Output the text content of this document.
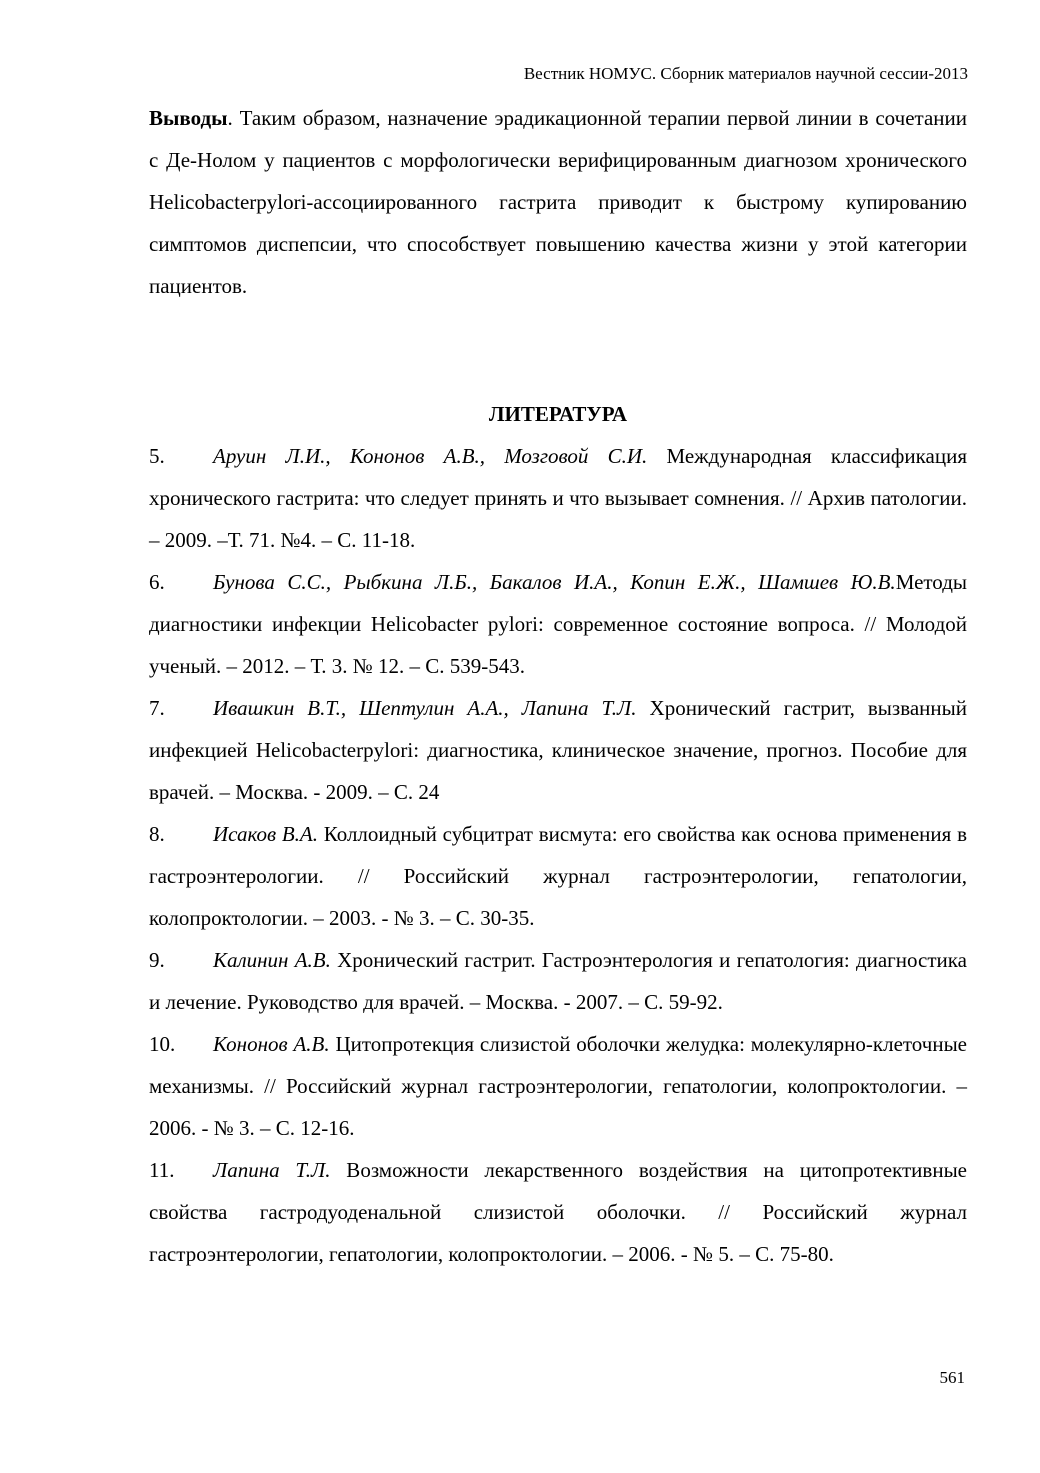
Вестник НОМУС. Сборник материалов научной сессии-2013

Выводы. Таким образом, назначение эрадикационной терапии первой линии в сочетании с Де-Нолом у пациентов с морфологически верифицированным диагнозом хронического Helicobacterpylori-ассоциированного гастрита приводит к быстрому купированию симптомов диспепсии, что способствует повышению качества жизни у этой категории пациентов.

ЛИТЕРАТУРА

5. Аруин Л.И., Кононов А.В., Мозговой С.И. Международная классификация хронического гастрита: что следует принять и что вызывает сомнения. // Архив патологии. – 2009. –Т. 71. №4. – С. 11-18.

6. Бунова С.С., Рыбкина Л.Б., Бакалов И.А., Копин Е.Ж., Шамшев Ю.В.Методы диагностики инфекции Helicobacter pylori: современное состояние вопроса. // Молодой ученый. – 2012. – Т. 3. № 12. – С. 539-543.

7. Ивашкин В.Т., Шептулин А.А., Лапина Т.Л. Хронический гастрит, вызванный инфекцией Helicobacterpylori: диагностика, клиническое значение, прогноз. Пособие для врачей. – Москва. - 2009. – С. 24

8. Исаков В.А. Коллоидный субцитрат висмута: его свойства как основа применения в гастроэнтерологии. // Российский журнал гастроэнтерологии, гепатологии, колопроктологии. – 2003. - № 3. – С. 30-35.

9. Калинин А.В. Хронический гастрит. Гастроэнтерология и гепатология: диагностика и лечение. Руководство для врачей. – Москва. - 2007. – С. 59-92.

10. Кононов А.В. Цитопротекция слизистой оболочки желудка: молекулярно-клеточные механизмы. // Российский журнал гастроэнтерологии, гепатологии, колопроктологии. – 2006. - № 3. – С. 12-16.

11. Лапина Т.Л. Возможности лекарственного воздействия на цитопротективные свойства гастродуоденальной слизистой оболочки. // Российский журнал гастроэнтерологии, гепатологии, колопроктологии. – 2006. - № 5. – С. 75-80.

561
